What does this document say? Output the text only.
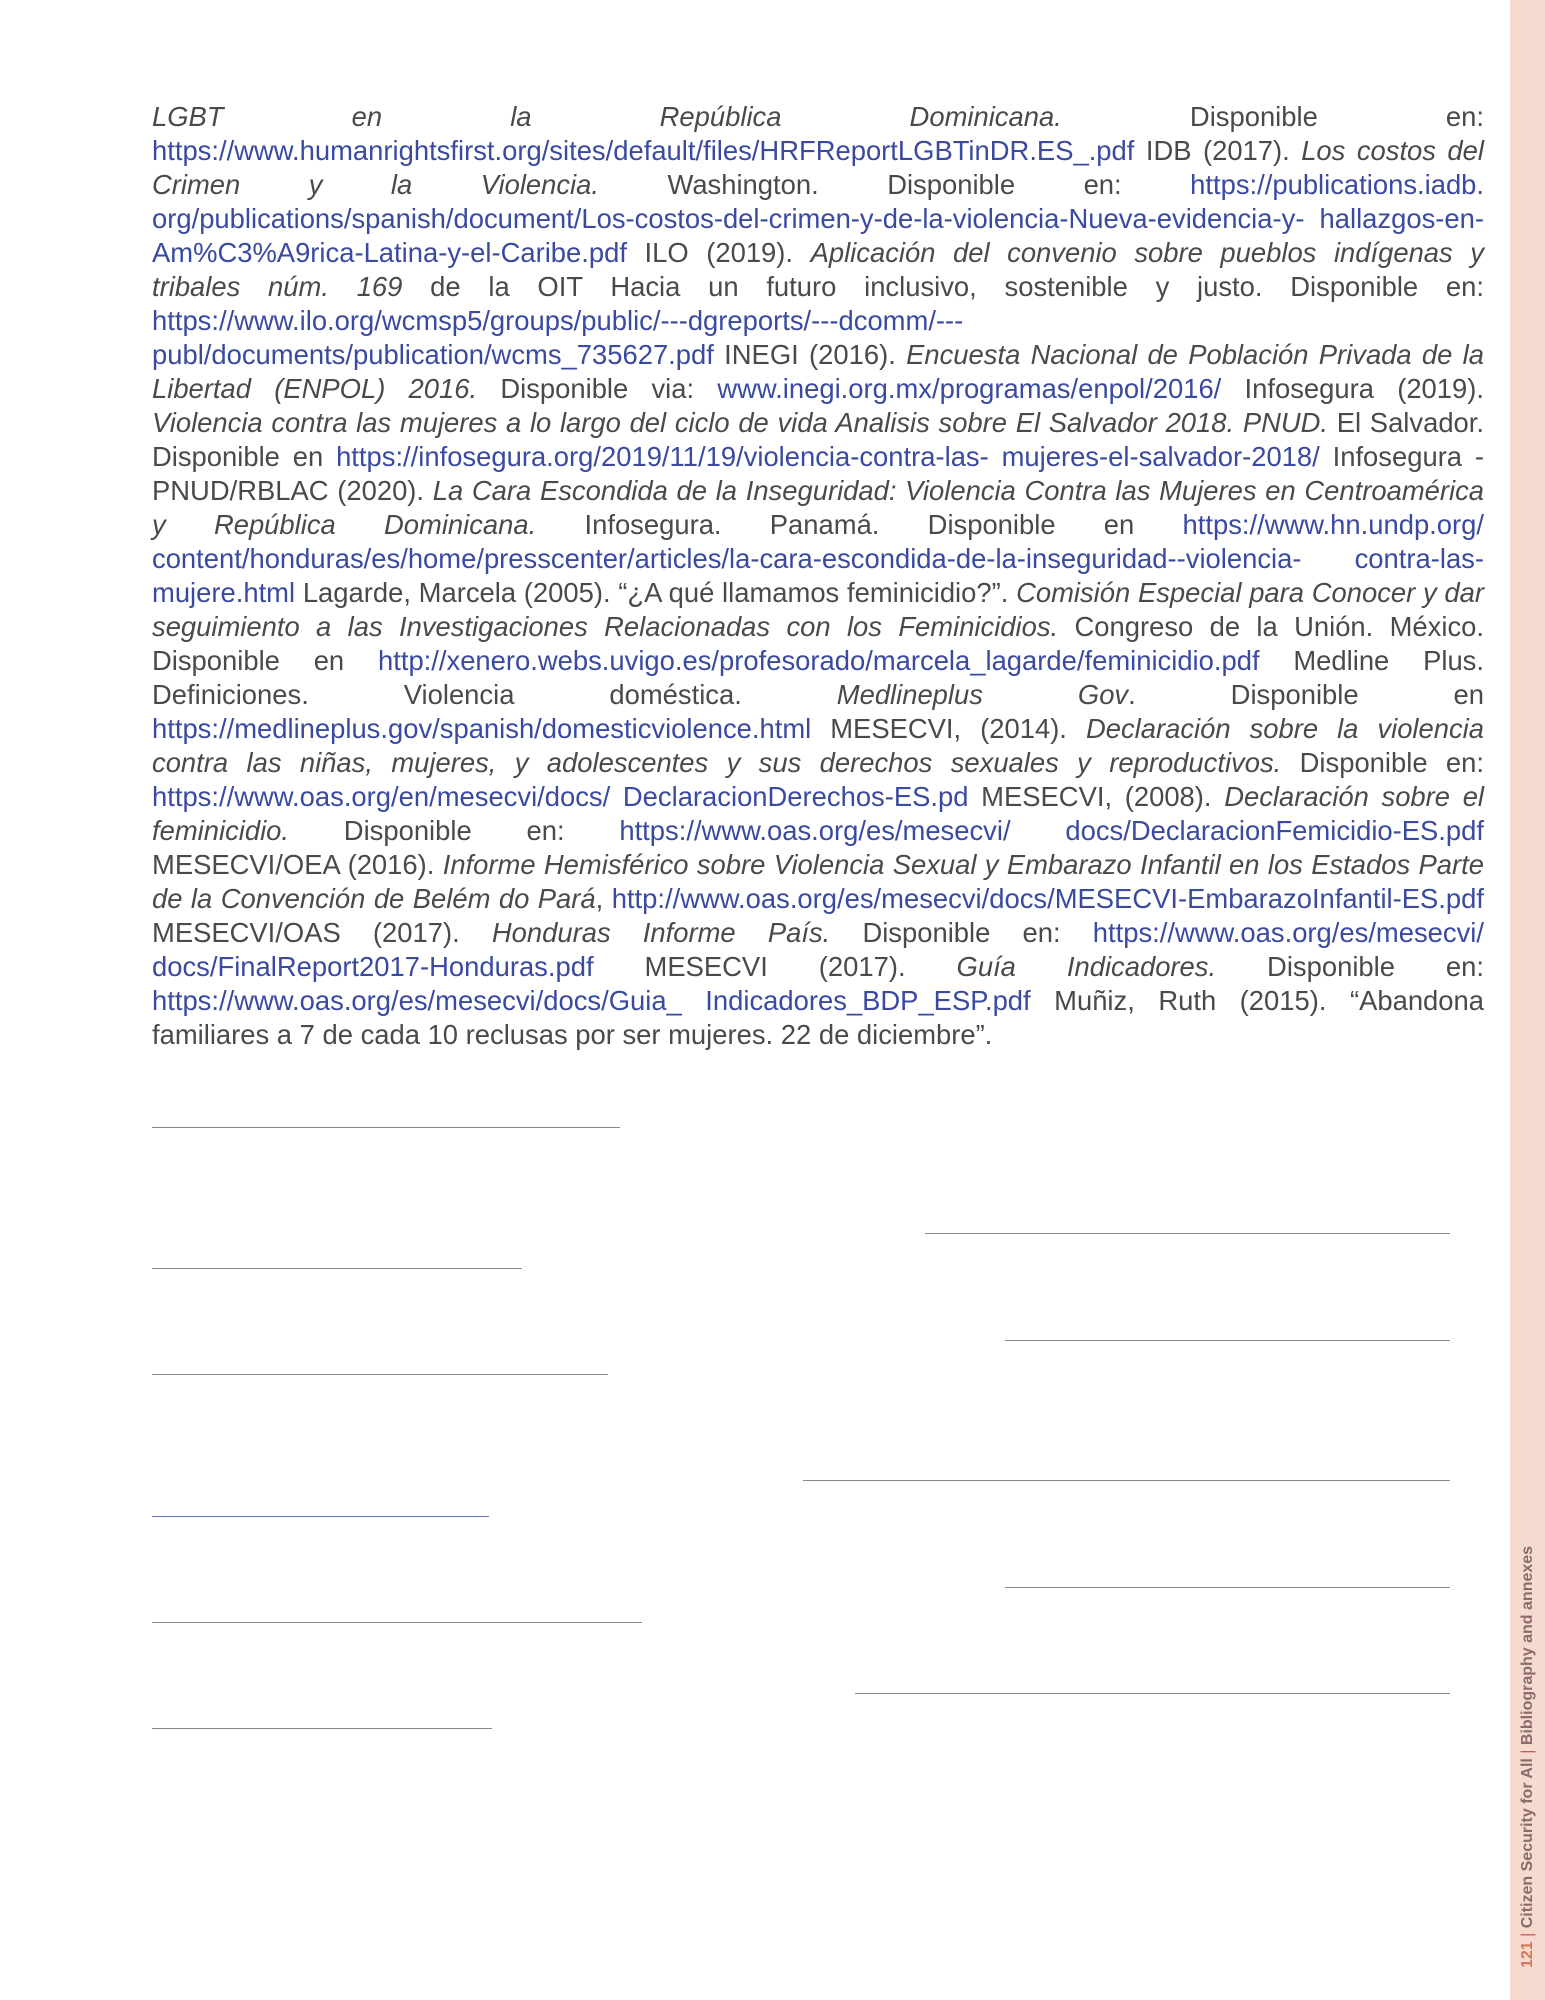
LGBT en la República Dominicana. Disponible en: https://www.humanrightsfirst.org/sites/default/files/HRFReportLGBTinDR.ES_.pdf IDB (2017). Los costos del Crimen y la Violencia. Washington. Disponible en: https://publications.iadb. org/publications/spanish/document/Los-costos-del-crimen-y-de-la-violencia-Nueva-evidencia-y- hallazgos-en-Am%C3%A9rica-Latina-y-el-Caribe.pdf ILO (2019). Aplicación del convenio sobre pueblos indígenas y tribales núm. 169 de la OIT Hacia un futuro inclusivo, sostenible y justo. Disponible en: https://www.ilo.org/wcmsp5/groups/public/---dgreports/---dcomm/---publ/documents/publication/wcms_735627.pdf INEGI (2016). Encuesta Nacional de Población Privada de la Libertad (ENPOL) 2016. Disponible via: www.inegi.org.mx/programas/enpol/2016/ Infosegura (2019). Violencia contra las mujeres a lo largo del ciclo de vida Analisis sobre El Salvador 2018. PNUD. El Salvador. Disponible en https://infosegura.org/2019/11/19/violencia-contra-las- mujeres-el-salvador-2018/ Infosegura - PNUD/RBLAC (2020). La Cara Escondida de la Inseguridad: Violencia Contra las Mujeres en Centroamérica y República Dominicana. Infosegura. Panamá. Disponible en https://www.hn.undp.org/ content/honduras/es/home/presscenter/articles/la-cara-escondida-de-la-inseguridad--violencia- contra-las-mujere.html Lagarde, Marcela (2005). “¿A qué llamamos feminicidio?”. Comisión Especial para Conocer y dar seguimiento a las Investigaciones Relacionadas con los Feminicidios. Congreso de la Unión. México. Disponible en http://xenero.webs.uvigo.es/profesorado/marcela_lagarde/feminicidio.pdf Medline Plus. Definiciones. Violencia doméstica. Medlineplus Gov. Disponible en https://medlineplus.gov/spanish/domesticviolence.html MESECVI, (2014). Declaración sobre la violencia contra las niñas, mujeres, y adolescentes y sus derechos sexuales y reproductivos. Disponible en: https://www.oas.org/en/mesecvi/docs/ DeclaracionDerechos-ES.pd MESECVI, (2008). Declaración sobre el feminicidio. Disponible en: https://www.oas.org/es/mesecvi/ docs/DeclaracionFemicidio-ES.pdf MESECVI/OEA (2016). Informe Hemisférico sobre Violencia Sexual y Embarazo Infantil en los Estados Parte de la Convención de Belém do Pará, http://www.oas.org/es/mesecvi/docs/MESECVI-EmbarazoInfantil-ES.pdf MESECVI/OAS (2017). Honduras Informe País. Disponible en: https://www.oas.org/es/mesecvi/ docs/FinalReport2017-Honduras.pdf MESECVI (2017). Guía Indicadores. Disponible en: https://www.oas.org/es/mesecvi/docs/Guia_ Indicadores_BDP_ESP.pdf Muñiz, Ruth (2015). “Abandona familiares a 7 de cada 10 reclusas por ser mujeres. 22 de diciembre”.

121 | Citizen Security for All | Bibliography and annexes
